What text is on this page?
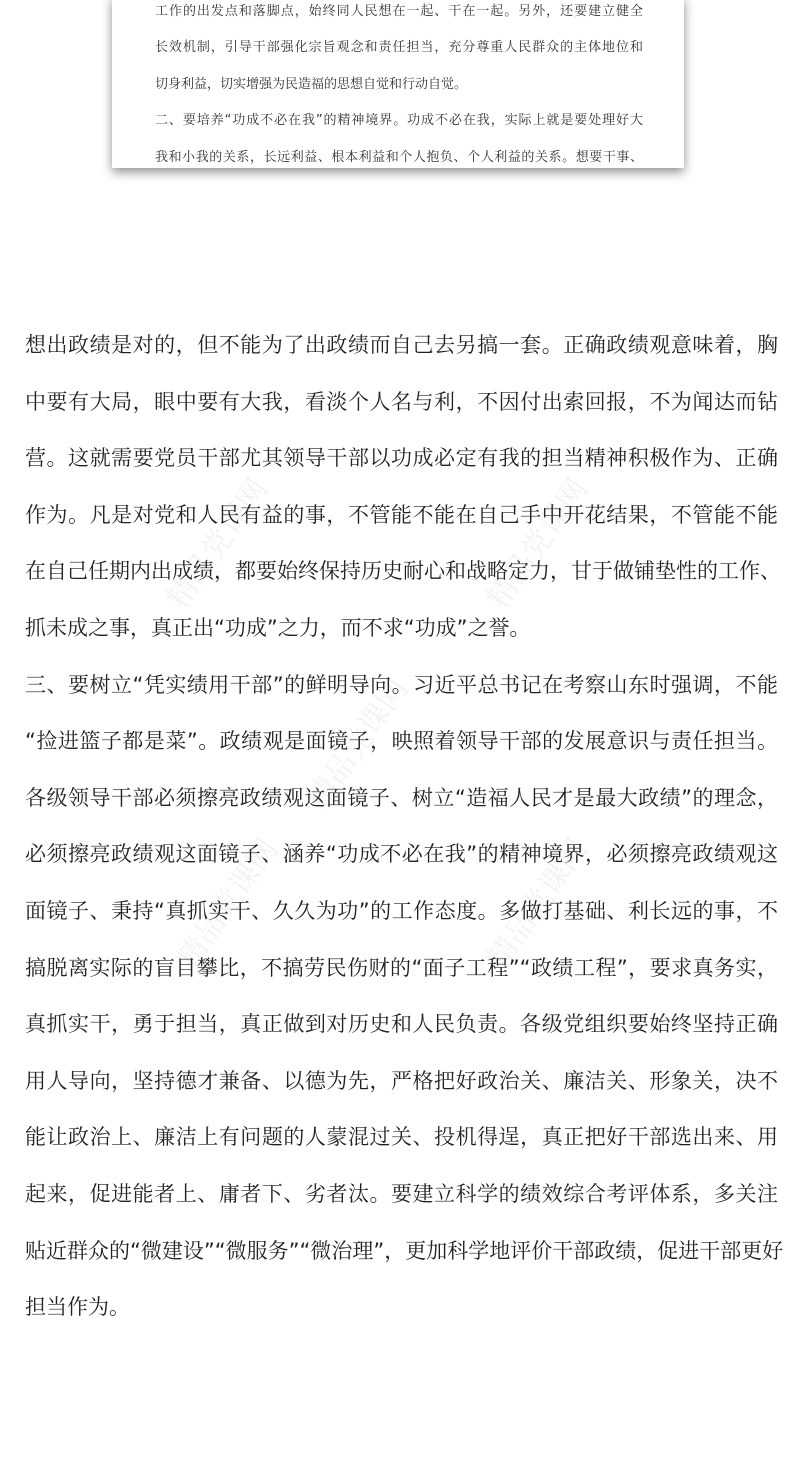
工作的出发点和落脚点，始终同人民想在一起、干在一起。另外，还要建立健全
长效机制，引导干部强化宗旨观念和责任担当，充分尊重人民群众的主体地位和
切身利益，切实增强为民造福的思想自觉和行动自觉。
二、要培养“功成不必在我”的精神境界。功成不必在我，实际上就是要处理好大
我和小我的关系，长远利益、根本利益和个人抱负、个人利益的关系。想要干事、
精品党课网	精品党课网
精品党课网
精品党课网	精品党课网
想出政绩是对的，但不能为了出政绩而自己去另搞一套。正确政绩观意味着，胸
中要有大局，眼中要有大我，看淡个人名与利，不因付出索回报，不为闻达而钻
营。这就需要党员干部尤其领导干部以功成必定有我的担当精神积极作为、正确
作为。凡是对党和人民有益的事，不管能不能在自己手中开花结果，不管能不能
在自己任期内出成绩，都要始终保持历史耐心和战略定力，甘于做铺垫性的工作、
抓未成之事，真正出“功成”之力，而不求“功成”之誉。
三、要树立“凭实绩用干部”的鲜明导向。习近平总书记在考察山东时强调，不能
“捡进篮子都是菜”。政绩观是面镜子，映照着领导干部的发展意识与责任担当。
各级领导干部必须擦亮政绩观这面镜子、树立“造福人民才是最大政绩”的理念，
必须擦亮政绩观这面镜子、涵养“功成不必在我”的精神境界，必须擦亮政绩观这
面镜子、秉持“真抓实干、久久为功”的工作态度。多做打基础、利长远的事，不
搞脱离实际的盲目攀比，不搞劳民伤财的“面子工程”“政绩工程”，要求真务实，
真抓实干，勇于担当，真正做到对历史和人民负责。各级党组织要始终坚持正确
用人导向，坚持德才兼备、以德为先，严格把好政治关、廉洁关、形象关，决不
能让政治上、廉洁上有问题的人蒙混过关、投机得逞，真正把好干部选出来、用
起来，促进能者上、庸者下、劣者汰。要建立科学的绩效综合考评体系，多关注
贴近群众的“微建设”“微服务”“微治理”，更加科学地评价干部政绩，促进干部更好
担当作为。
